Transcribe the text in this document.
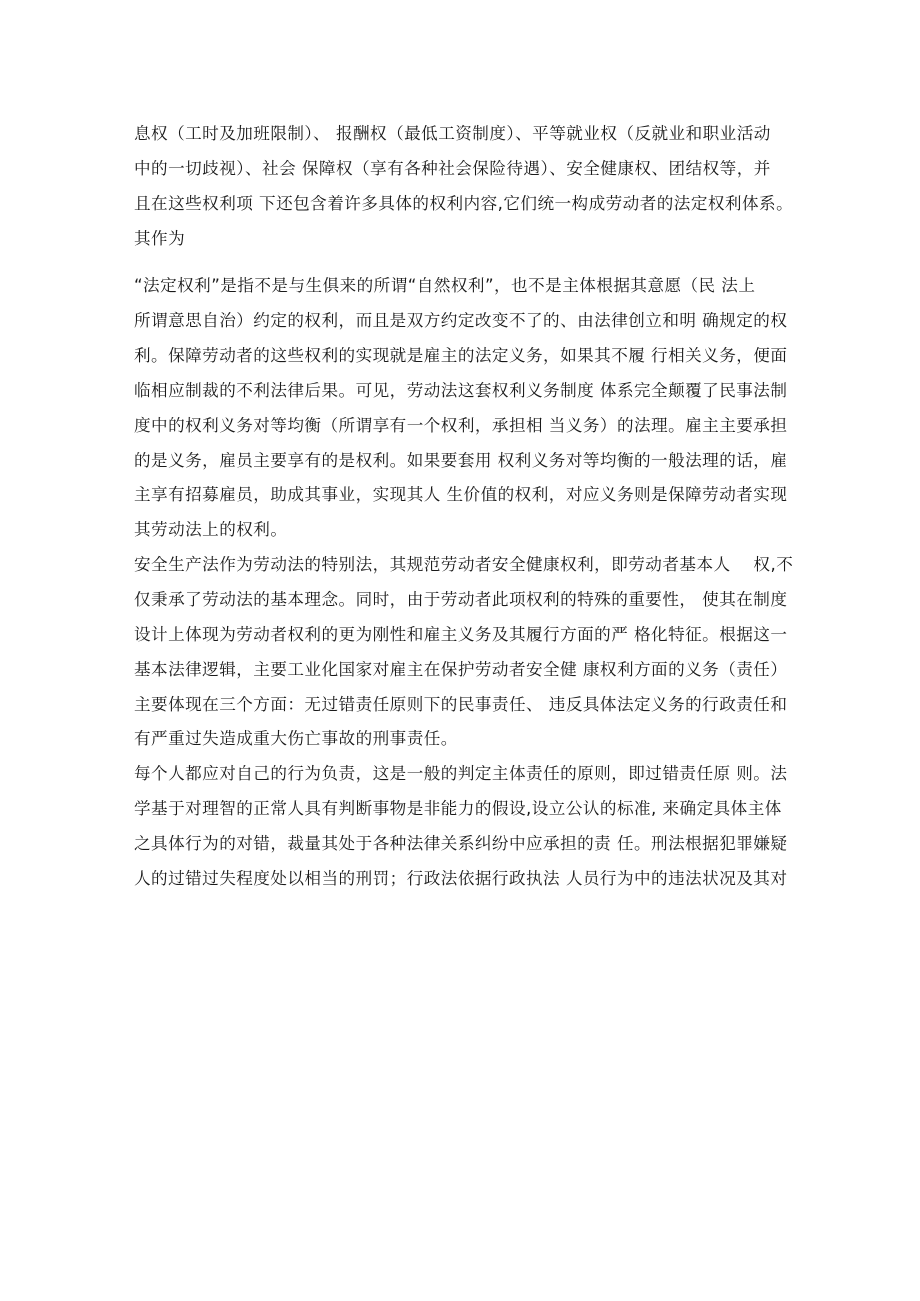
息权（工时及加班限制）、 报酬权（最低工资制度）、平等就业权（反就业和职业活动
中的一切歧视）、社会 保障权（享有各种社会保险待遇）、安全健康权、团结权等，并
且在这些权利项 下还包含着许多具体的权利内容,它们统一构成劳动者的法定权利体系。
其作为
“法定权利”是指不是与生俱来的所谓“自然权利”，也不是主体根据其意愿（民 法上
所谓意思自治）约定的权利，而且是双方约定改变不了的、由法律创立和明 确规定的权
利。保障劳动者的这些权利的实现就是雇主的法定义务，如果其不履 行相关义务，便面
临相应制裁的不利法律后果。可见，劳动法这套权利义务制度 体系完全颠覆了民事法制
度中的权利义务对等均衡（所谓享有一个权利，承担相 当义务）的法理。雇主主要承担
的是义务，雇员主要享有的是权利。如果要套用 权利义务对等均衡的一般法理的话，雇
主享有招募雇员，助成其事业，实现其人 生价值的权利，对应义务则是保障劳动者实现
其劳动法上的权利。
安全生产法作为劳动法的特别法，其规范劳动者安全健康权利，即劳动者基本人    权,不
仅秉承了劳动法的基本理念。同时，由于劳动者此项权利的特殊的重要性， 使其在制度
设计上体现为劳动者权利的更为刚性和雇主义务及其履行方面的严 格化特征。根据这一
基本法律逻辑，主要工业化国家对雇主在保护劳动者安全健 康权利方面的义务（责任）
主要体现在三个方面：无过错责任原则下的民事责任、 违反具体法定义务的行政责任和
有严重过失造成重大伤亡事故的刑事责任。
每个人都应对自己的行为负责，这是一般的判定主体责任的原则，即过错责任原 则。法
学基于对理智的正常人具有判断事物是非能力的假设,设立公认的标准, 来确定具体主体
之具体行为的对错，裁量其处于各种法律关系纠纷中应承担的责 任。刑法根据犯罪嫌疑
人的过错过失程度处以相当的刑罚；行政法依据行政执法 人员行为中的违法状况及其对
